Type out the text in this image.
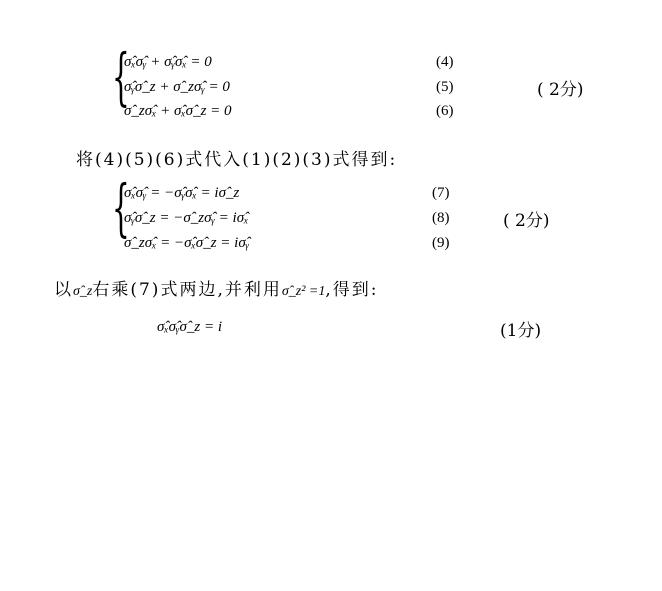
{
σ̂ₓσ̂ᵧ + σ̂ᵧσ̂ₓ = 0
σ̂ᵧσ̂_z + σ̂_zσ̂ᵧ = 0
σ̂_zσ̂ₓ + σ̂ₓσ̂_z = 0
(4)
(5)
(6)
( 2分)
将(4)(5)(6)式代入(1)(2)(3)式得到:
{
σ̂ₓσ̂ᵧ = −σ̂ᵧσ̂ₓ = iσ̂_z
σ̂ᵧσ̂_z = −σ̂_zσ̂ᵧ = iσ̂ₓ
σ̂_zσ̂ₓ = −σ̂ₓσ̂_z = iσ̂ᵧ
(7)
(8)
(9)
( 2分)
以σ̂_z右乘(7)式两边,并利用σ̂_z² =1,得到:
σ̂ₓσ̂ᵧσ̂_z = i	(1分)
